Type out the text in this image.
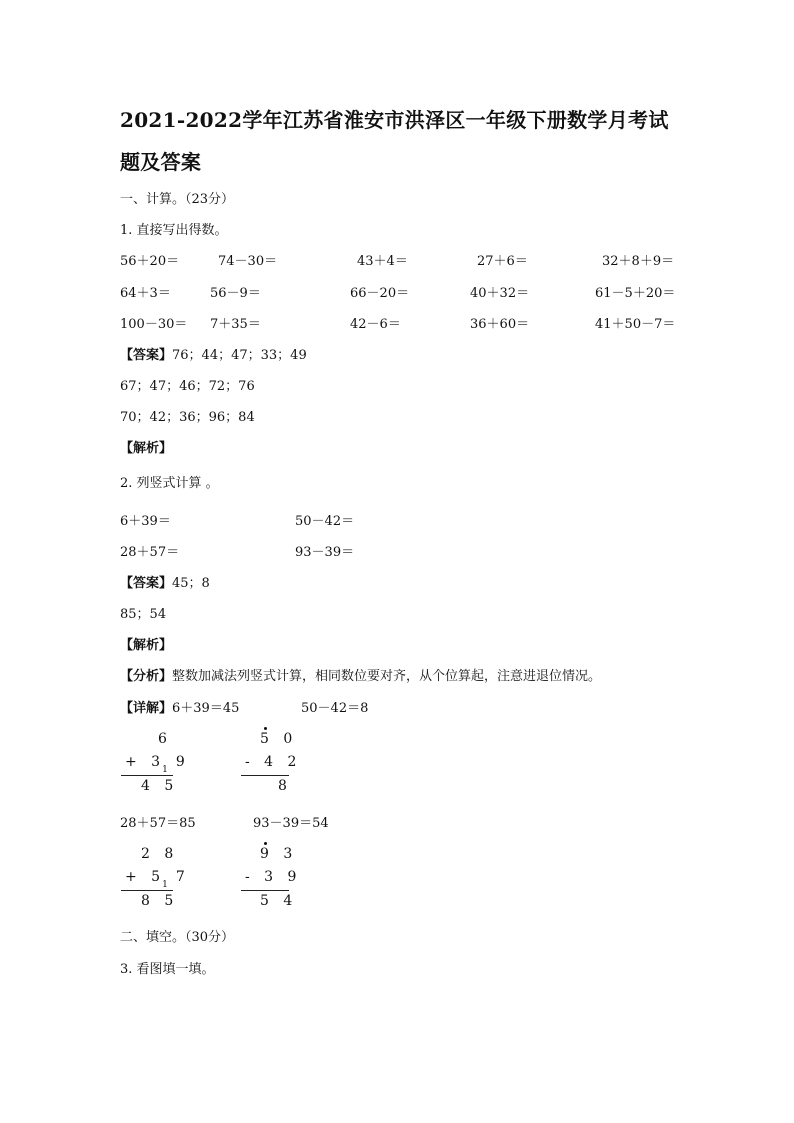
2021-2022学年江苏省淮安市洪泽区一年级下册数学月考试
题及答案
一、计算。（23分）
1. 直接写出得数。
56＋20＝	74－30＝	43＋4＝	27＋6＝	32＋8＋9＝
64＋3＝	56－9＝	66－20＝	40＋32＝	61－5＋20＝
100－30＝ 7＋35＝	42－6＝	36＋60＝	41＋50－7＝
【答案】76；44；47；33；49
67；47；46；72；76
70；42；36；96；84
【解析】
2. 列竖式计算 。
6＋39＝	50－42＝
28＋57＝	93－39＝
【答案】45；8
85；54
【解析】
【分析】整数加减法列竖式计算，相同数位要对齐，从个位算起，注意进退位情况。
【详解】6＋39＝45	50－42＝8
6
+ $3_1$ 9
4 5
5 0
- 4 2
8
28＋57＝85	93－39＝54
2 8
+ $5_1$ 7
8 5
9 3
- 3 9
5 4
二、填空。（30分）
3. 看图填一填。
